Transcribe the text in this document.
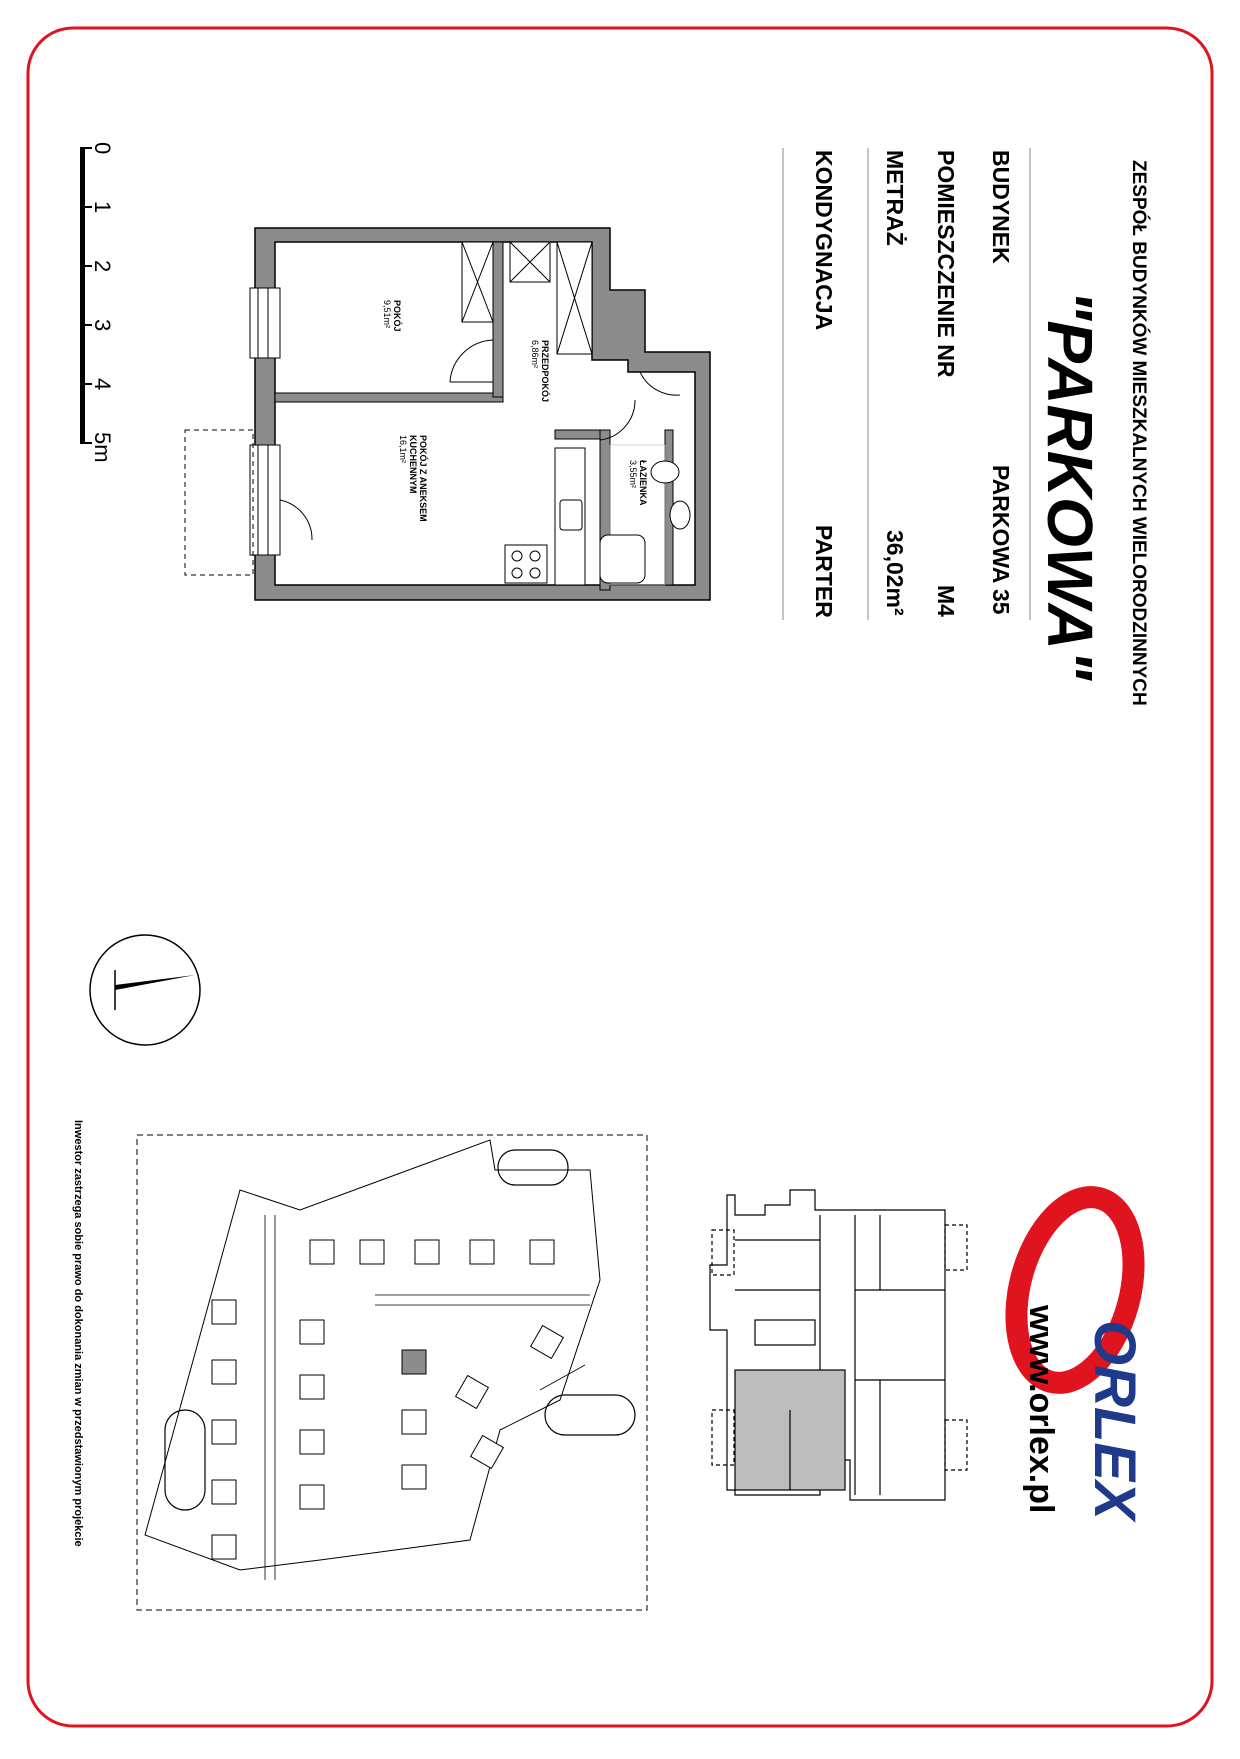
ZESPÓŁ BUDYNKÓW MIESZKALNYCH WIELORODZINNYCH
"PARKOWA"
BUDYNEK
PARKOWA 35
POMIESZCZENIE NR
M4
METRAŻ
36,02m²
KONDYGNACJA
PARTER
0
1
2
3
4
5m
POKÓJ
9,51m²
PRZEDPOKÓJ
6,86m²
ŁAZIENKA
3,55m²
POKÓJ Z ANEKSEM
KUCHENNYM
16,1m²
ORLEX
www.orlex.pl
Inwestor zastrzega sobie prawo do dokonania zmian w przedstawionym projekcie
